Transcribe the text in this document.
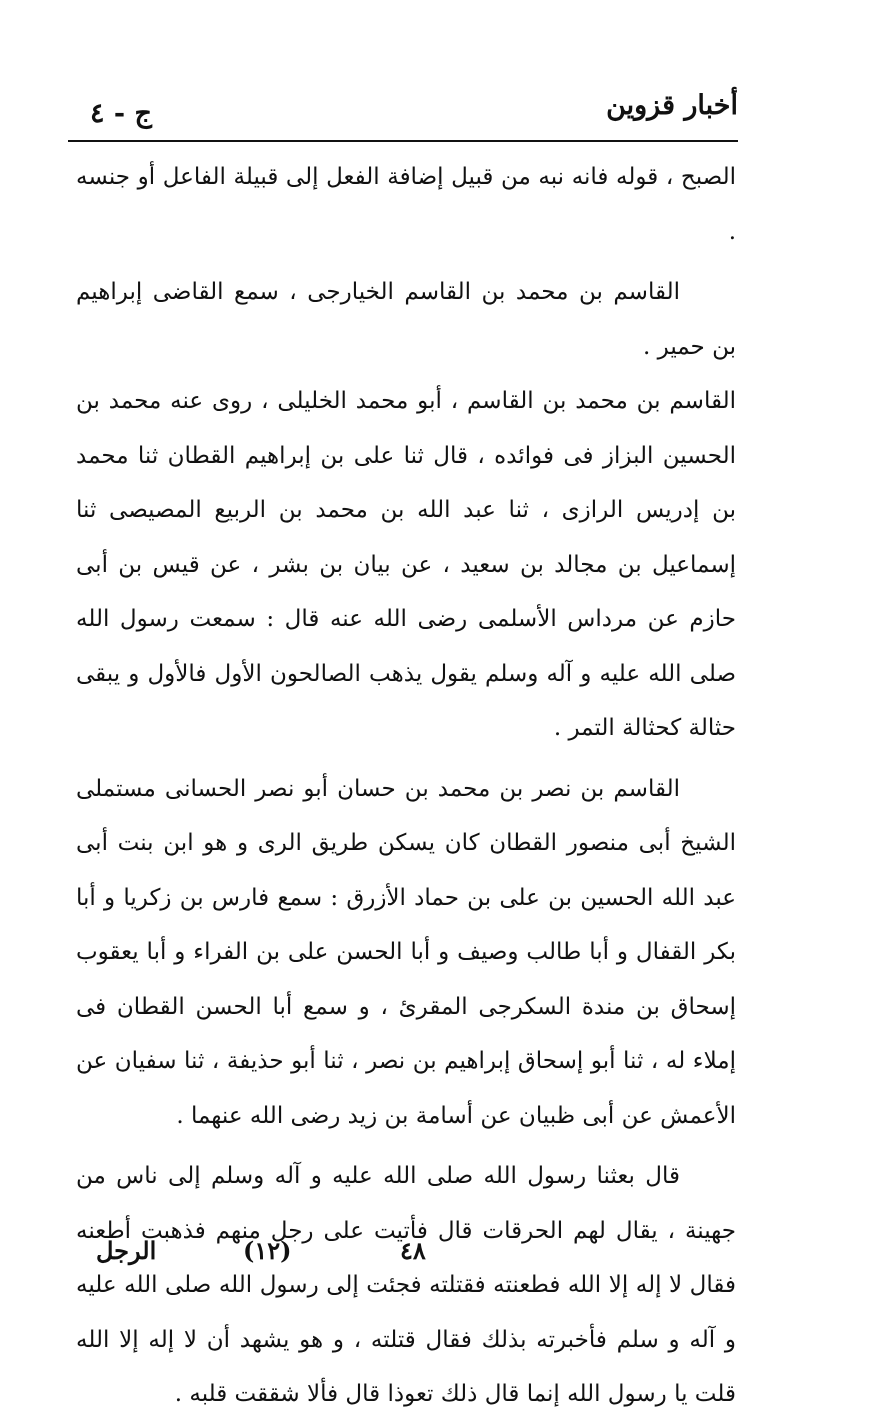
أخبار قزوين
ج - ٤

الصبح ، قوله فانه نبه من قبيل إضافة الفعل إلى قبيلة الفاعل أو جنسه .

القاسم بن محمد بن القاسم الخيارجى ، سمع القاضى إبراهيم بن حمير .

القاسم بن محمد بن القاسم ، أبو محمد الخليلى ، روى عنه محمد بن الحسين البزاز فى فوائده ، قال ثنا على بن إبراهيم القطان ثنا محمد بن إدريس الرازى ، ثنا عبد الله بن محمد بن الربيع المصيصى ثنا إسماعيل بن مجالد بن سعيد ، عن بيان بن بشر ، عن قيس بن أبى حازم عن مرداس الأسلمى رضى الله عنه قال : سمعت رسول الله صلى الله عليه و آله وسلم يقول يذهب الصالحون الأول فالأول و يبقى حثالة كحثالة التمر .

القاسم بن نصر بن محمد بن حسان أبو نصر الحسانى مستملى الشيخ أبى منصور القطان كان يسكن طريق الرى و هو ابن بنت أبى عبد الله الحسين بن على بن حماد الأزرق : سمع فارس بن زكريا و أبا بكر القفال و أبا طالب وصيف و أبا الحسن على بن الفراء و أبا يعقوب إسحاق بن مندة السكرجى المقرئ ، و سمع أبا الحسن القطان فى إملاء له ، ثنا أبو إسحاق إبراهيم بن نصر ، ثنا أبو حذيفة ، ثنا سفيان عن الأعمش عن أبى ظبيان عن أسامة بن زيد رضى الله عنهما .

قال بعثنا رسول الله صلى الله عليه و آله وسلم إلى ناس من جهينة ، يقال لهم الحرقات قال فأتيت على رجل منهم فذهبت أطعنه فقال لا إله إلا الله فطعنته فقتلته فجئت إلى رسول الله صلى الله عليه و آله و سلم فأخبرته بذلك فقال قتلته ، و هو يشهد أن لا إله إلا الله قلت يا رسول الله إنما قال ذلك تعوذا قال فألا شققت قلبه .

الرجل	(١٢)	٤٨
